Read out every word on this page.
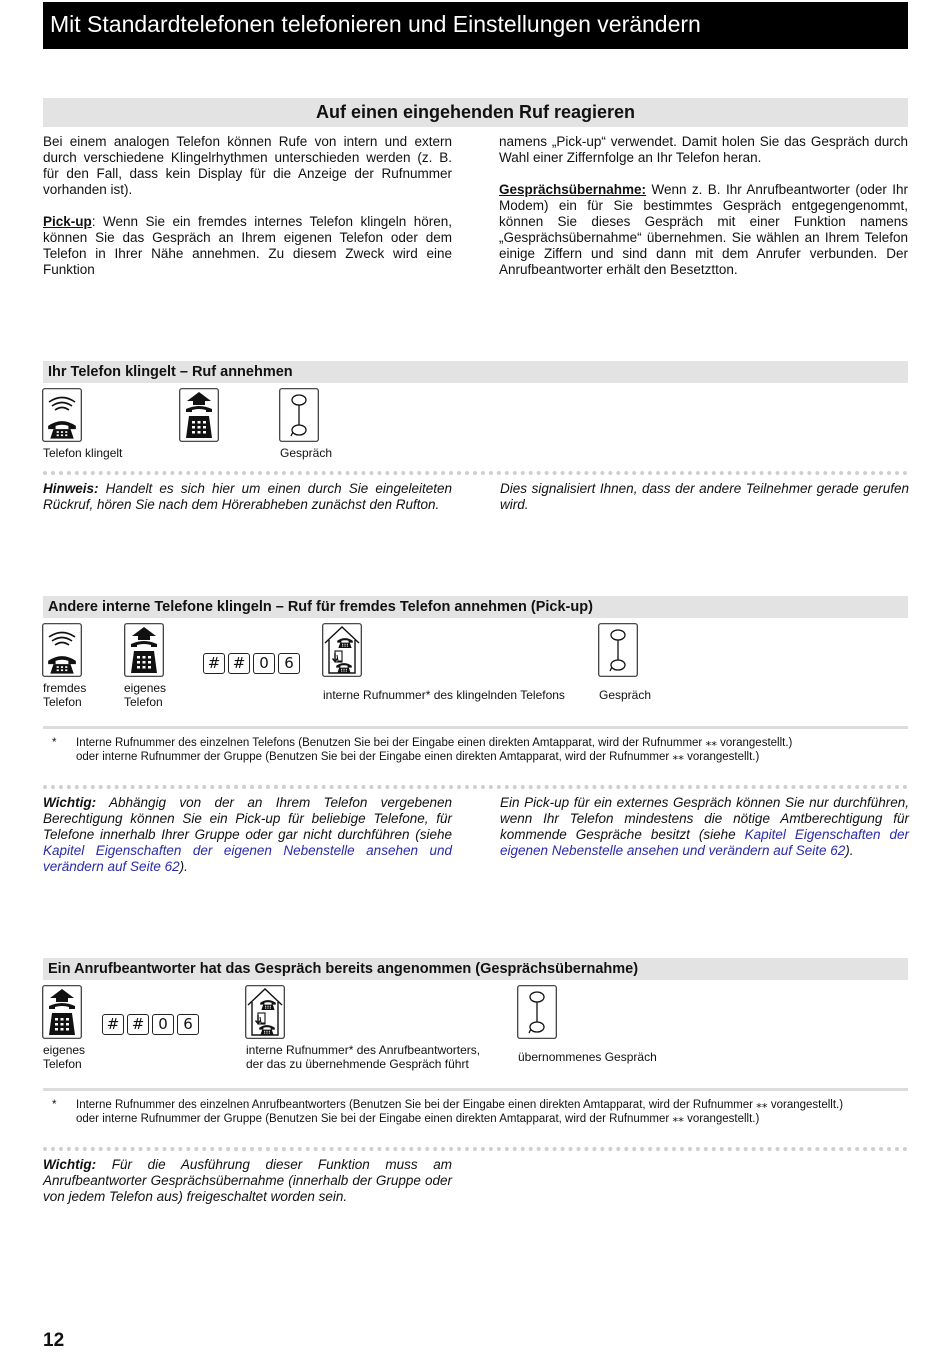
Mit Standardtelefonen telefonieren und Einstellungen verändern
Auf einen eingehenden Ruf reagieren

Bei einem analogen Telefon können Rufe von intern und extern durch verschiedene Klingelrhythmen unterschieden werden (z. B. für den Fall, dass kein Display für die Anzeige der Rufnummer vorhanden ist).

Pick-up: Wenn Sie ein fremdes internes Telefon klingeln hören, können Sie das Gespräch an Ihrem eigenen Telefon oder dem Telefon in Ihrer Nähe annehmen. Zu diesem Zweck wird eine Funktion

namens „Pick-up“ verwendet. Damit holen Sie das Gespräch durch Wahl einer Ziffernfolge an Ihr Telefon heran.

Gesprächsübernahme: Wenn z. B. Ihr Anrufbeantworter (oder Ihr Modem) ein für Sie bestimmtes Gespräch entgegengenommt, können Sie dieses Gespräch mit einer Funktion namens „Gesprächsübernahme“ übernehmen. Sie wählen an Ihrem Telefon einige Ziffern und sind dann mit dem Anrufer verbunden. Der Anrufbeantworter erhält den Besetztton.

Ihr Telefon klingelt – Ruf annehmen
Telefon klingelt	Gespräch
Hinweis: Handelt es sich hier um einen durch Sie eingeleiteten Rückruf, hören Sie nach dem Hörerabheben zunächst den Rufton.
Dies signalisiert Ihnen, dass der andere Teilnehmer gerade gerufen wird.
Andere interne Telefone klingeln – Ruf für fremdes Telefon annehmen (Pick-up)
# # 0	6
fremdes
Telefon
eigenes
Telefon	interne Rufnummer* des klingelnden Telefons	Gespräch
* Interne Rufnummer des einzelnen Telefons (Benutzen Sie bei der Eingabe einen direkten Amtapparat, wird der Rufnummer ⁎⁎ vorangestellt.)
oder interne Rufnummer der Gruppe (Benutzen Sie bei der Eingabe einen direkten Amtapparat, wird der Rufnummer ⁎⁎ vorangestellt.)
Wichtig: Abhängig von der an Ihrem Telefon vergebenen Berechtigung können Sie ein Pick-up für beliebige Telefone, für Telefone innerhalb Ihrer Gruppe oder gar nicht durchführen (siehe Kapitel Eigenschaften der eigenen Nebenstelle ansehen und verändern auf Seite 62).
Ein Pick-up für ein externes Gespräch können Sie nur durchführen, wenn Ihr Telefon mindestens die nötige Amtberechtigung für kommende Gespräche besitzt (siehe Kapitel Eigenschaften der eigenen Nebenstelle ansehen und verändern auf Seite 62).
Ein Anrufbeantworter hat das Gespräch bereits angenommen (Gesprächsübernahme)
# # 0	6
eigenes
Telefon
interne Rufnummer* des Anrufbeantworters,
der das zu übernehmende Gespräch führt	übernommenes Gespräch
* Interne Rufnummer des einzelnen Anrufbeantworters (Benutzen Sie bei der Eingabe einen direkten Amtapparat, wird der Rufnummer ⁎⁎ vorangestellt.)
oder interne Rufnummer der Gruppe (Benutzen Sie bei der Eingabe einen direkten Amtapparat, wird der Rufnummer ⁎⁎ vorangestellt.)
Wichtig: Für die Ausführung dieser Funktion muss am Anrufbeantworter Gesprächsübernahme (innerhalb der Gruppe oder von jedem Telefon aus) freigeschaltet worden sein.
12
